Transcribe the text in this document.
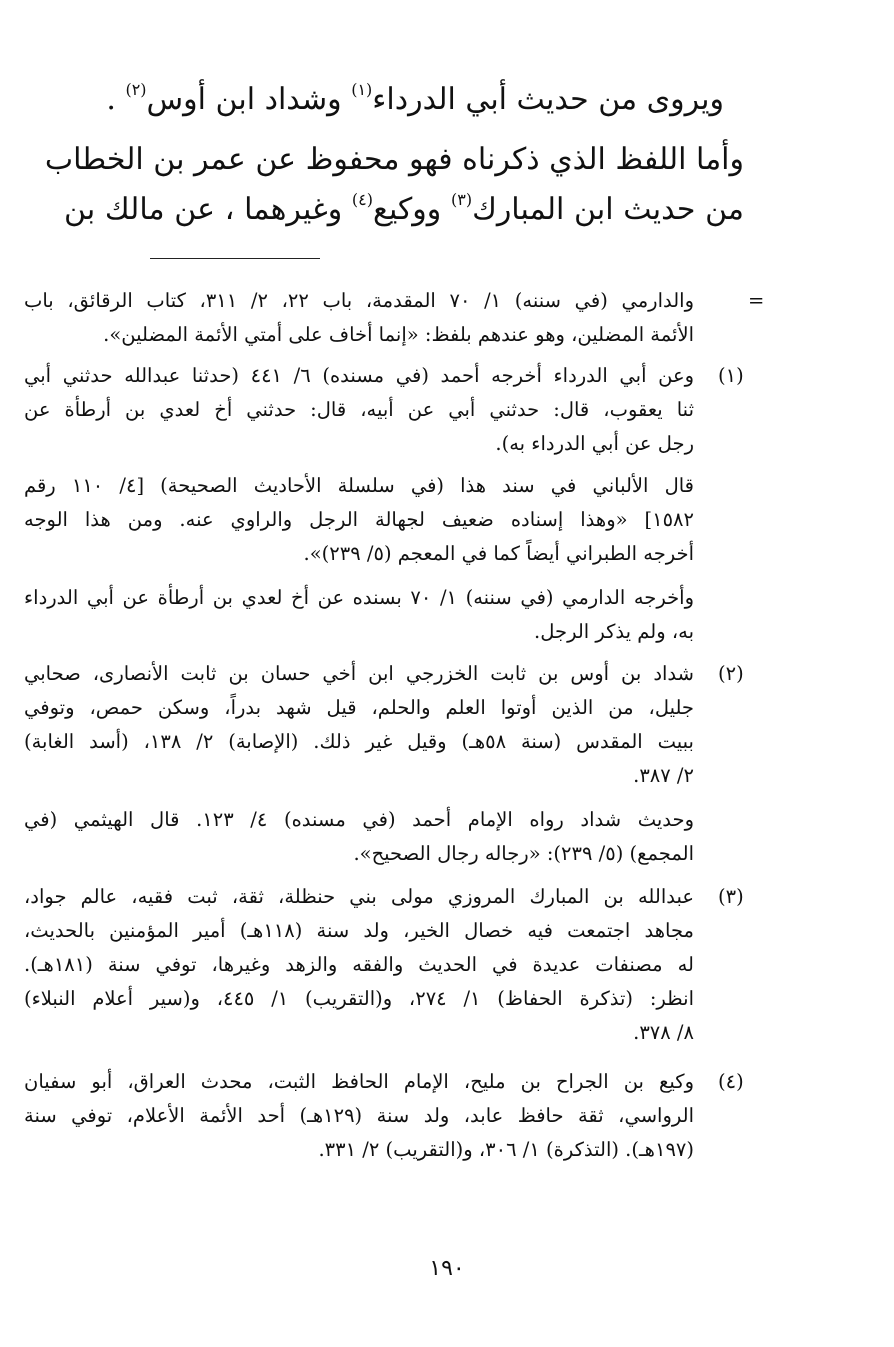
ويروى من حديث أبي الدرداء$^{(١)}$ وشداد ابن أوس$^{(٢)}$ .
وأما اللفظ الذي ذكرناه فهو محفوظ عن عمر بن الخطاب
من حديث ابن المبارك$^{(٣)}$ ووكيع$^{(٤)}$ وغيرهما ، عن مالك بن
=
والدارمي (في سننه) ١/ ٧٠ المقدمة، باب ٢٢، ٢/ ٣١١، كتاب الرقائق، باب
الأئمة المضلين، وهو عندهم بلفظ: «إنما أخاف على أمتي الأئمة المضلين».
(١)
وعن أبي الدرداء أخرجه أحمد (في مسنده) ٦/ ٤٤١ (حدثنا عبدالله حدثني أبي
ثنا يعقوب، قال: حدثني أبي عن أبيه، قال: حدثني أخ لعدي بن أرطأة عن
رجل عن أبي الدرداء به).
قال الألباني في سند هذا (في سلسلة الأحاديث الصحيحة) [٤/ ١١٠ رقم
١٥٨٢] «وهذا إسناده ضعيف لجهالة الرجل والراوي عنه. ومن هذا الوجه
أخرجه الطبراني أيضاً كما في المعجم (٥/ ٢٣٩)».
وأخرجه الدارمي (في سننه) ١/ ٧٠ بسنده عن أخ لعدي بن أرطأة عن أبي الدرداء
به، ولم يذكر الرجل.
(٢)
شداد بن أوس بن ثابت الخزرجي ابن أخي حسان بن ثابت الأنصارى، صحابي
جليل، من الذين أوتوا العلم والحلم، قيل شهد بدراً، وسكن حمص، وتوفي
ببيت المقدس (سنة ٥٨هـ) وقيل غير ذلك. (الإصابة) ٢/ ١٣٨، (أسد الغابة)
٢/ ٣٨٧.
وحديث شداد رواه الإمام أحمد (في مسنده) ٤/ ١٢٣. قال الهيثمي (في
المجمع) (٥/ ٢٣٩): «رجاله رجال الصحيح».
(٣)
عبدالله بن المبارك المروزي مولى بني حنظلة، ثقة، ثبت فقيه، عالم جواد،
مجاهد اجتمعت فيه خصال الخير، ولد سنة (١١٨هـ) أمير المؤمنين بالحديث،
له مصنفات عديدة في الحديث والفقه والزهد وغيرها، توفي سنة (١٨١هـ).
انظر: (تذكرة الحفاظ) ١/ ٢٧٤، و(التقريب) ١/ ٤٤٥، و(سير أعلام النبلاء)
٨/ ٣٧٨.
(٤)
وكيع بن الجراح بن مليح، الإمام الحافظ الثبت، محدث العراق، أبو سفيان
الرواسي، ثقة حافظ عابد، ولد سنة (١٢٩هـ) أحد الأئمة الأعلام، توفي سنة
(١٩٧هـ). (التذكرة) ١/ ٣٠٦، و(التقريب) ٢/ ٣٣١.
١٩٠
